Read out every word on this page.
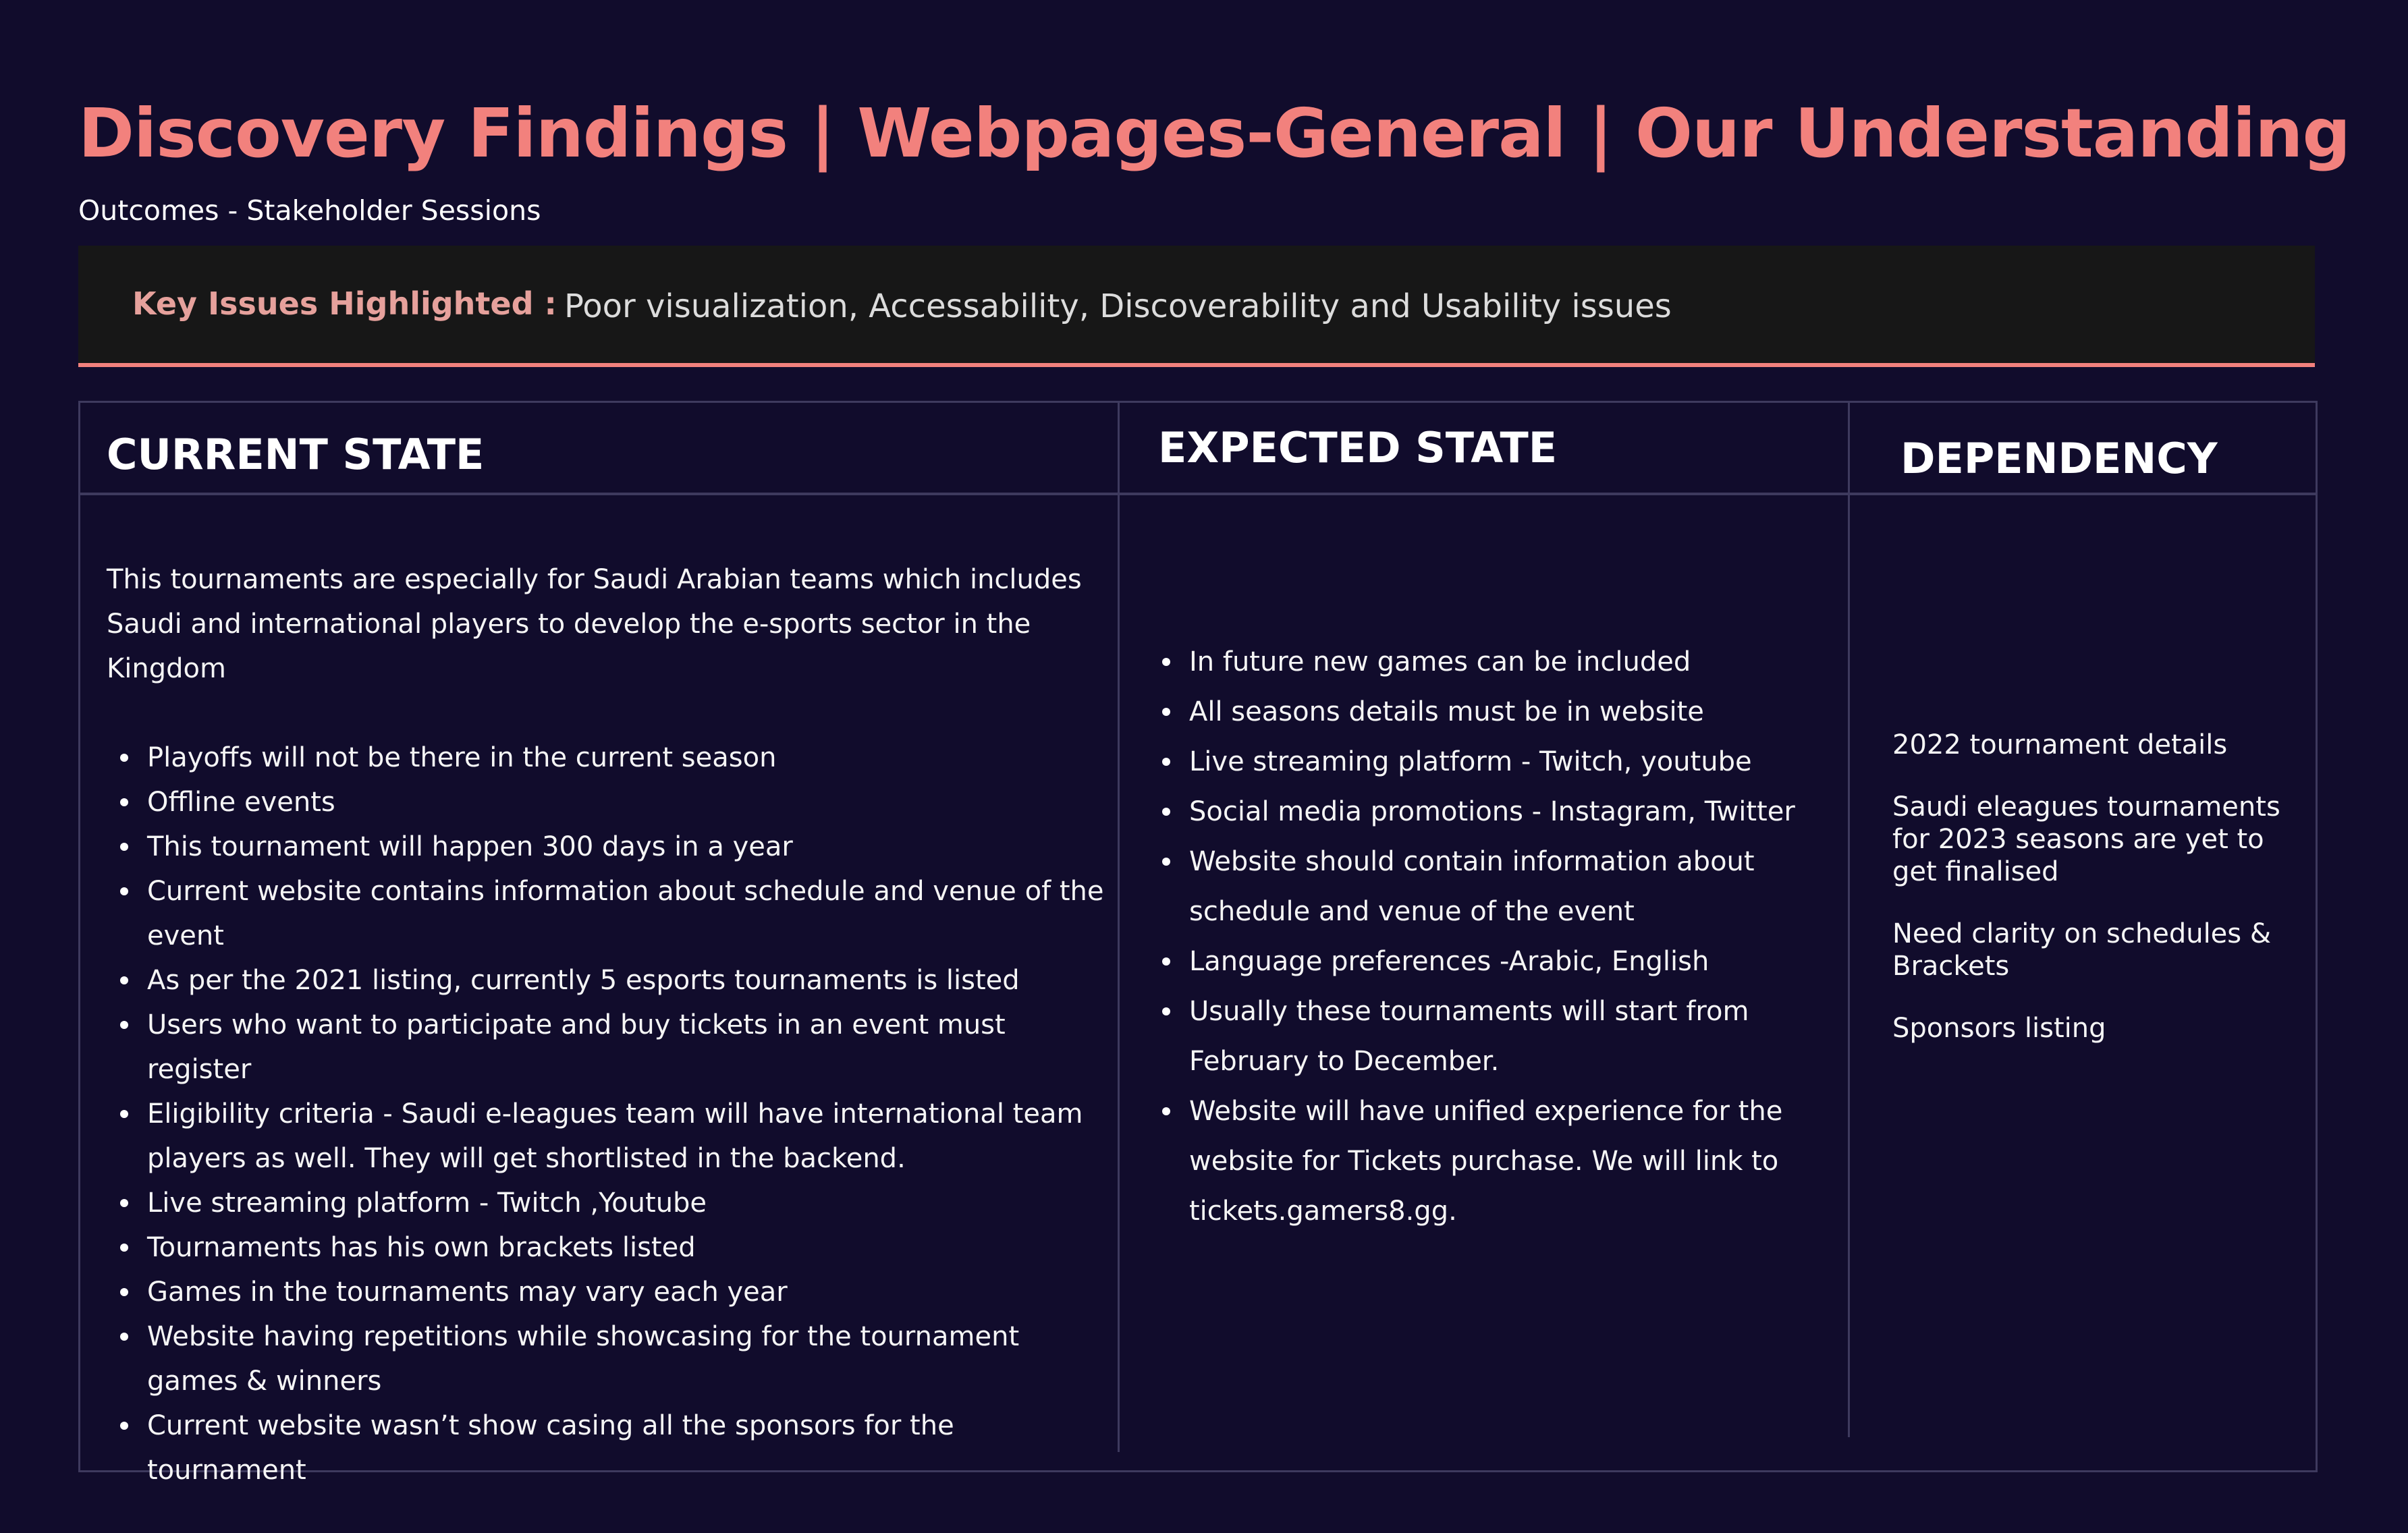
Discovery Findings | Webpages-General | Our Understanding
Outcomes - Stakeholder Sessions
Key Issues Highlighted : Poor visualization, Accessability, Discoverability and Usability issues
CURRENT STATE	EXPECTED STATE	DEPENDENCY

This tournaments are especially for Saudi Arabian teams which includes Saudi and international players to develop the e-sports sector in the Kingdom

Playoffs will not be there in the current season
Offline events
This tournament will happen 300 days in a year
Current website contains information about schedule and venue of the event
As per the 2021 listing, currently 5 esports tournaments is listed
Users who want to participate and buy tickets in an event must register
Eligibility criteria - Saudi e-leagues team will have international team players as well. They will get shortlisted in the backend.
Live streaming platform - Twitch ,Youtube
Tournaments has his own brackets listed
Games in the tournaments may vary each year
Website having repetitions while showcasing for the tournament games & winners
Current website wasn’t show casing all the sponsors for the tournament
In future new games can be included
All seasons details must be in website
Live streaming platform - Twitch, youtube
Social media promotions - Instagram, Twitter
Website should contain information about schedule and venue of the event
Language preferences -Arabic, English
Usually these tournaments will start from February to December.
Website will have unified experience for the website for Tickets purchase. We will link to tickets.gamers8.gg.

2022 tournament details

Saudi eleagues tournaments for 2023 seasons are yet to get finalised

Need clarity on schedules & Brackets

Sponsors listing
